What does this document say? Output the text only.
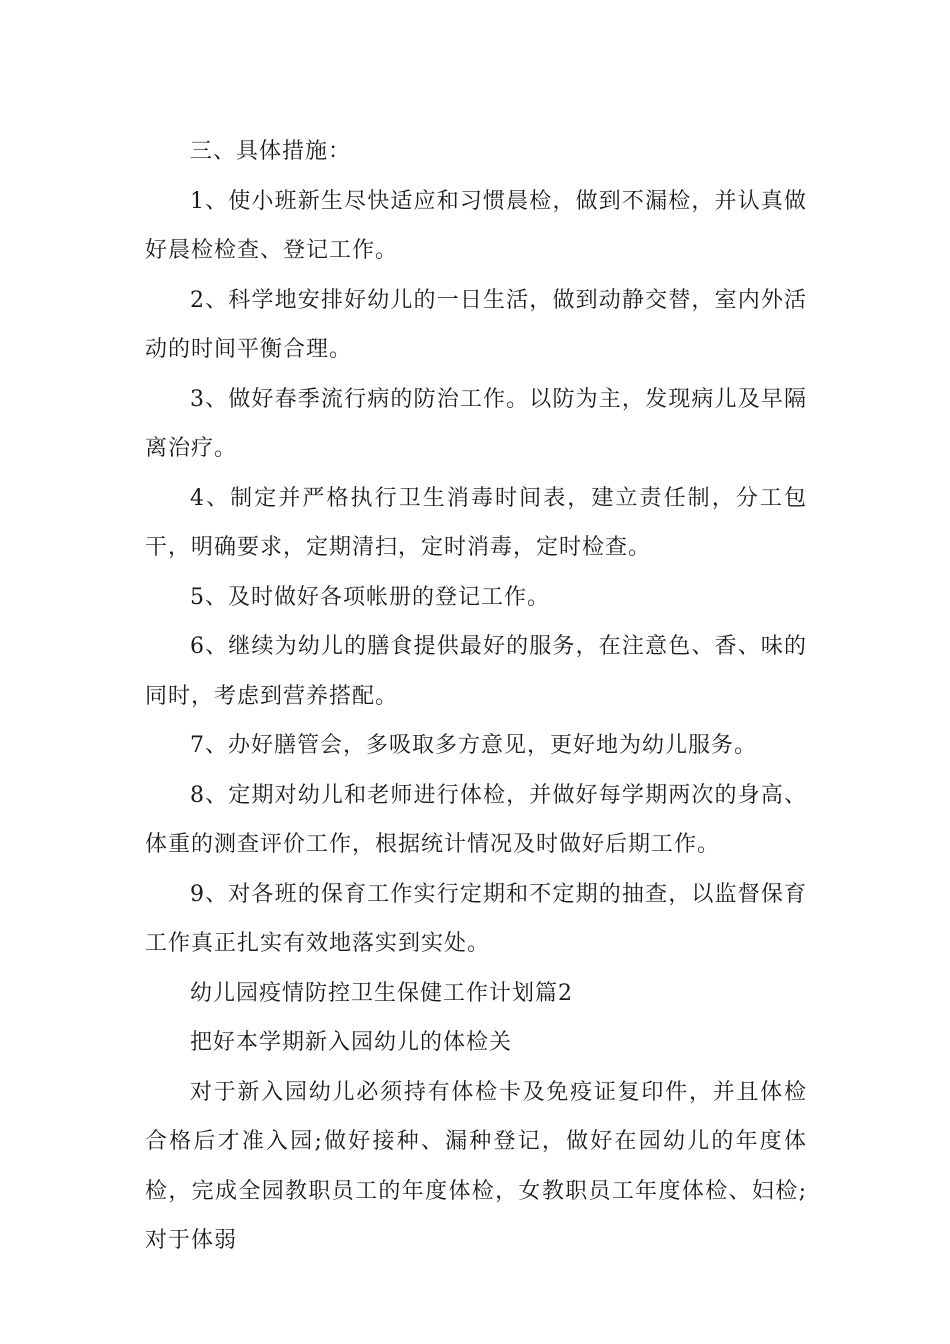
三、具体措施：

1、使小班新生尽快适应和习惯晨检，做到不漏检，并认真做好晨检检查、登记工作。

2、科学地安排好幼儿的一日生活，做到动静交替，室内外活动的时间平衡合理。

3、做好春季流行病的防治工作。以防为主，发现病儿及早隔离治疗。

4、制定并严格执行卫生消毒时间表，建立责任制，分工包干，明确要求，定期清扫，定时消毒，定时检查。

5、及时做好各项帐册的登记工作。

6、继续为幼儿的膳食提供最好的服务，在注意色、香、味的同时，考虑到营养搭配。

7、办好膳管会，多吸取多方意见，更好地为幼儿服务。

8、定期对幼儿和老师进行体检，并做好每学期两次的身高、体重的测查评价工作，根据统计情况及时做好后期工作。

9、对各班的保育工作实行定期和不定期的抽查，以监督保育工作真正扎实有效地落实到实处。

幼儿园疫情防控卫生保健工作计划篇2

把好本学期新入园幼儿的体检关

对于新入园幼儿必须持有体检卡及免疫证复印件，并且体检合格后才准入园;做好接种、漏种登记，做好在园幼儿的年度体检，完成全园教职员工的年度体检，女教职员工年度体检、妇检;对于体弱
